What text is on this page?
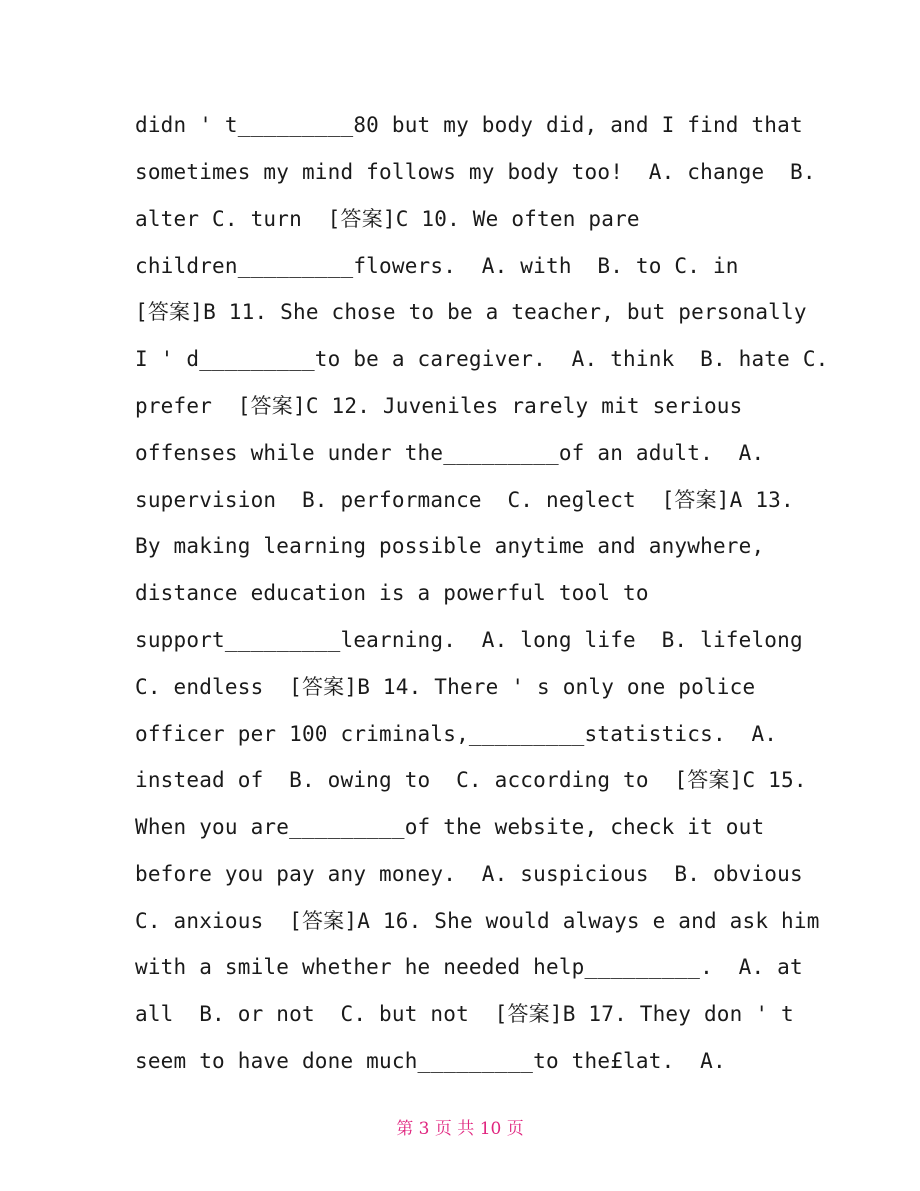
didn ' t_________80 but my body did, and I find that

sometimes my mind follows my body too!  A. change  B.

alter C. turn  [答案]C 10. We often pare

children_________flowers.  A. with  B. to C. in

[答案]B 11. She chose to be a teacher, but personally

I ' d_________to be a caregiver.  A. think  B. hate C.

prefer  [答案]C 12. Juveniles rarely mit serious

offenses while under the_________of an adult.  A.

supervision  B. performance  C. neglect  [答案]A 13.

By making learning possible anytime and anywhere,

distance education is a powerful tool to

support_________learning.  A. long life  B. lifelong

C. endless  [答案]B 14. There ' s only one police

officer per 100 criminals,_________statistics.  A.

instead of  B. owing to  C. according to  [答案]C 15.

When you are_________of the website, check it out

before you pay any money.  A. suspicious  B. obvious

C. anxious  [答案]A 16. She would always e and ask him

with a smile whether he needed help_________.  A. at

all  B. or not  C. but not  [答案]B 17. They don ' t

seem to have done much_________to the£lat.  A.

第 3 页 共 10 页
